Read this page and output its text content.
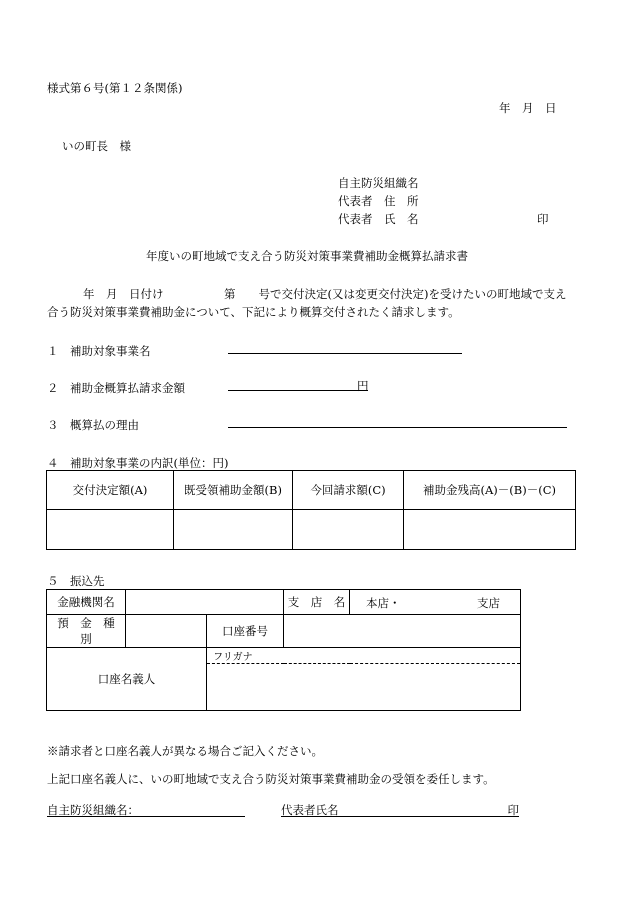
様式第６号(第１２条関係)
年　月　日
いの町長　様
自主防災組織名
代表者　住　所
代表者　氏　名	印
年度いの町地域で支え合う防災対策事業費補助金概算払請求書
年　月　日付け	第　　号で交付決定(又は変更交付決定)を受けたいの町地域で支え
合う防災対策事業費補助金について、下記により概算交付されたく請求します。
１　補助対象事業名
２　補助金概算払請求金額	円
３　概算払の理由
４　補助対象事業の内訳(単位：円)
交付決定額(A)	既受領補助金額(B)	今回請求額(C)	補助金残高(A)－(B)－(C)

５　振込先
金融機関名			支　店　名	本店・ 支店

預　金　種　別		口座番号		
口座名義人		フリガナ		

※請求者と口座名義人が異なる場合ご記入ください。
上記口座名義人に、いの町地域で支え合う防災対策事業費補助金の受領を委任します。
自主防災組織名：	代表者氏名	印
